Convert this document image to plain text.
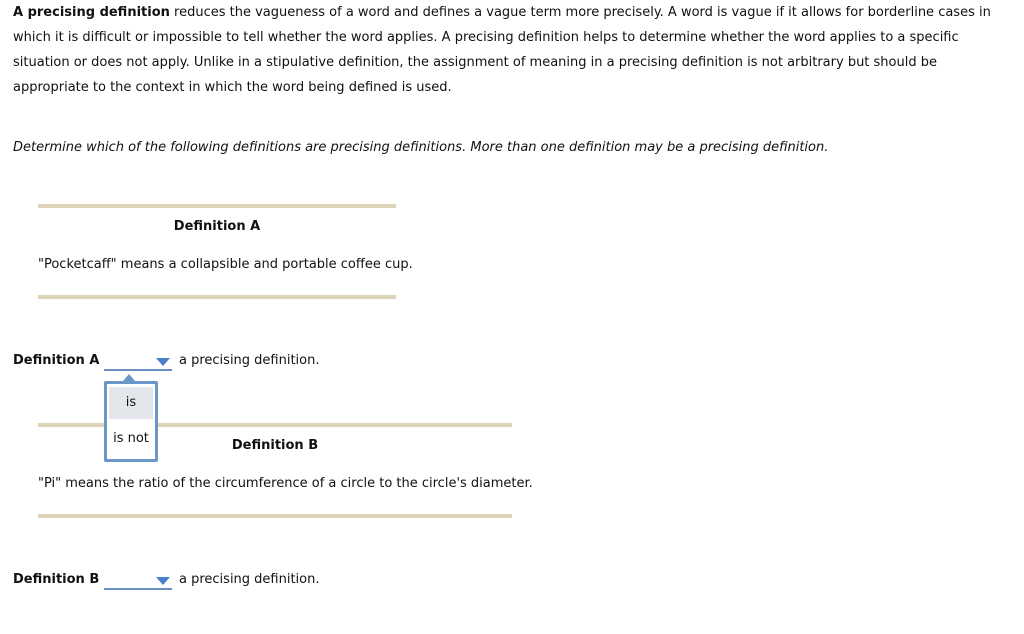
A precising definition reduces the vagueness of a word and defines a vague term more precisely. A word is vague if it allows for borderline cases in which it is difficult or impossible to tell whether the word applies. A precising definition helps to determine whether the word applies to a specific situation or does not apply. Unlike in a stipulative definition, the assignment of meaning in a precising definition is not arbitrary but should be appropriate to the context in which the word being defined is used.
Determine which of the following definitions are precising definitions. More than one definition may be a precising definition.
Definition A
"Pocketcaff" means a collapsible and portable coffee cup.
Definition A	a precising definition.
Definition B
"Pi" means the ratio of the circumference of a circle to the circle's diameter.
Definition B	a precising definition.
is
is not
